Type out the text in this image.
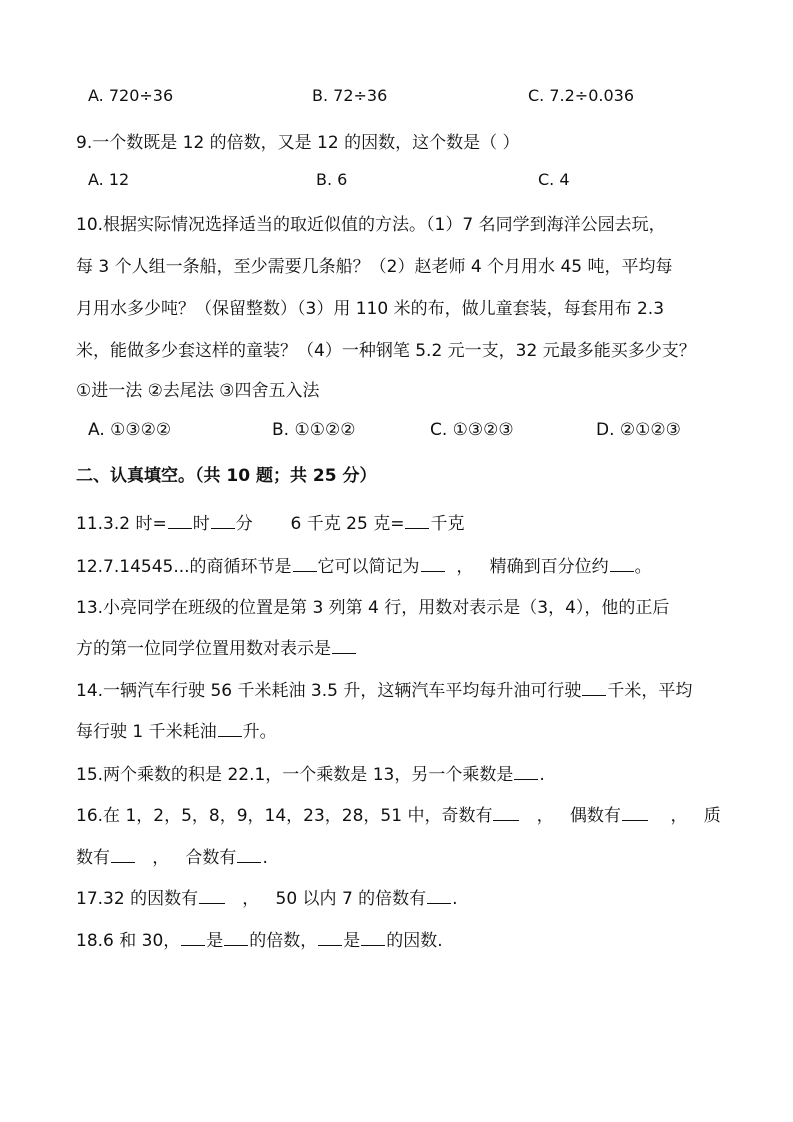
A. 720÷36	B. 72÷36	C. 7.2÷0.036
9.一个数既是 12 的倍数，又是 12 的因数，这个数是（ ）
A. 12	B. 6	C. 4
10.根据实际情况选择适当的取近似值的方法。（1）7 名同学到海洋公园去玩，
每 3 个人组一条船，至少需要几条船？（2）赵老师 4 个月用水 45 吨，平均每
月用水多少吨？（保留整数）（3）用 110 米的布，做儿童套装，每套用布 2.3
米，能做多少套这样的童装？（4）一种钢笔 5.2 元一支，32 元最多能买多少支？
①进一法 ②去尾法 ③四舍五入法
A. ①③②②	B. ①①②②	C. ①③②③	D. ②①②③
二、认真填空。（共 10 题；共 25 分）
11.3.2 时= 时 分       6 千克 25 克= 千克
12.7.14545...的商循环节是 它可以简记为  ，   精确到百分位约 。
13.小亮同学在班级的位置是第 3 列第 4 行，用数对表示是（3，4），他的正后
方的第一位同学位置用数对表示是
14.一辆汽车行驶 56 千米耗油 3.5 升，这辆汽车平均每升油可行驶 千米，平均
每行驶 1 千米耗油 升。
15.两个乘数的积是 22.1，一个乘数是 13，另一个乘数是 .
16.在 1，2，5，8，9，14，23，28，51 中，奇数有   ，   偶数有    ，   质
数有   ，   合数有 .
17.32 的因数有   ，   50 以内 7 的倍数有 .
18.6 和 30， 是 的倍数， 是 的因数.
